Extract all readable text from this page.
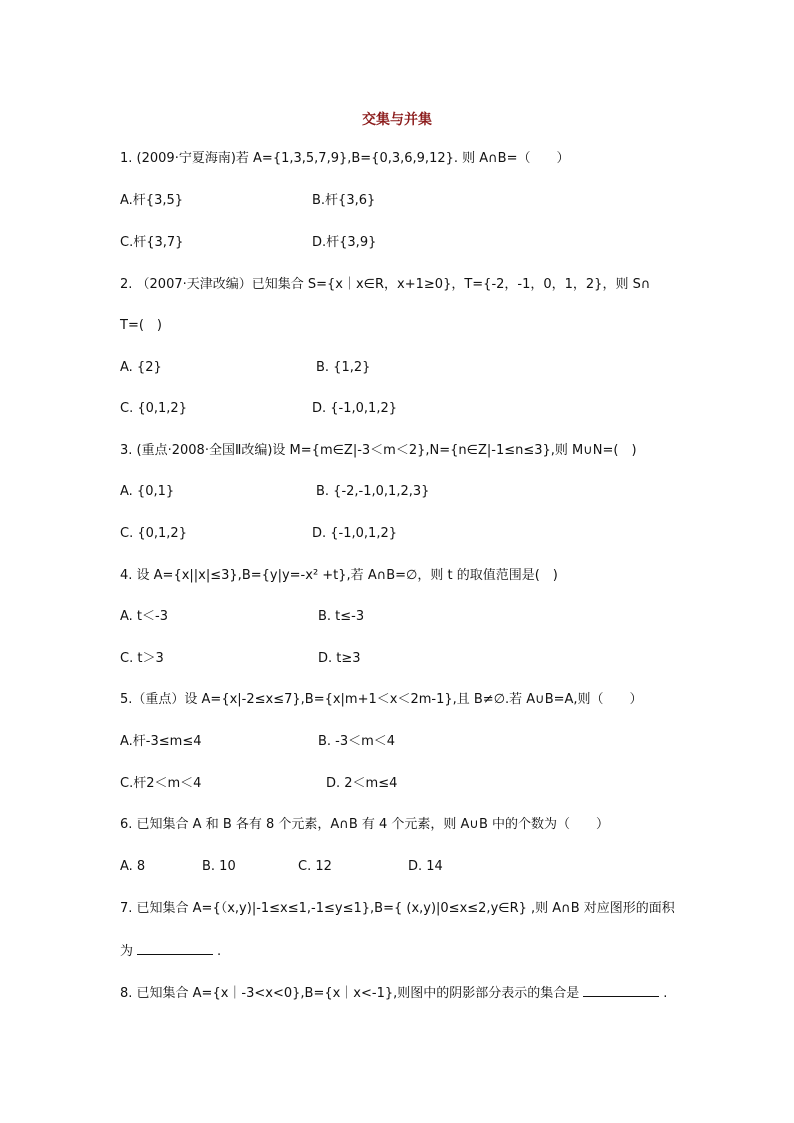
交集与并集
1. (2009·宁夏海南)若 A={1,3,5,7,9},B={0,3,6,9,12}. 则 A∩B=（　　）
A.杆{3,5}	B.杆{3,6}
C.杆{3,7}	D.杆{3,9}
2. （2007·天津改编）已知集合 S={x｜x∈R，x+1≥0}，T={-2，-1，0，1，2}，则 S∩
T=(　)
A. {2}	B. {1,2}
C. {0,1,2}	D. {-1,0,1,2}
3. (重点·2008·全国Ⅱ改编)设 M={m∈Z|-3＜m＜2},N={n∈Z|-1≤n≤3},则 M∪N=(　)
A. {0,1}	B. {-2,-1,0,1,2,3}
C. {0,1,2}	D. {-1,0,1,2}
4. 设 A={x||x|≤3},B={y|y=-x² +t},若 A∩B=∅，则 t 的取值范围是(　)
A. t＜-3	B. t≤-3
C. t＞3	D. t≥3
5.（重点）设 A={x|-2≤x≤7},B={x|m+1＜x＜2m-1},且 B≠∅.若 A∪B=A,则（　　）
A.杆-3≤m≤4	B. -3＜m＜4
C.杆2＜m＜4	D. 2＜m≤4
6. 已知集合 A 和 B 各有 8 个元素，A∩B 有 4 个元素，则 A∪B 中的个数为（　　）
A. 8	B. 10	C. 12	D. 14
7. 已知集合 A={（x,y)|-1≤x≤1,-1≤y≤1},B={ (x,y)|0≤x≤2,y∈R} ,则 A∩B 对应图形的面积
为	.
8. 已知集合 A={x｜-3<x<0},B={x｜x<-1},则图中的阴影部分表示的集合是	.
